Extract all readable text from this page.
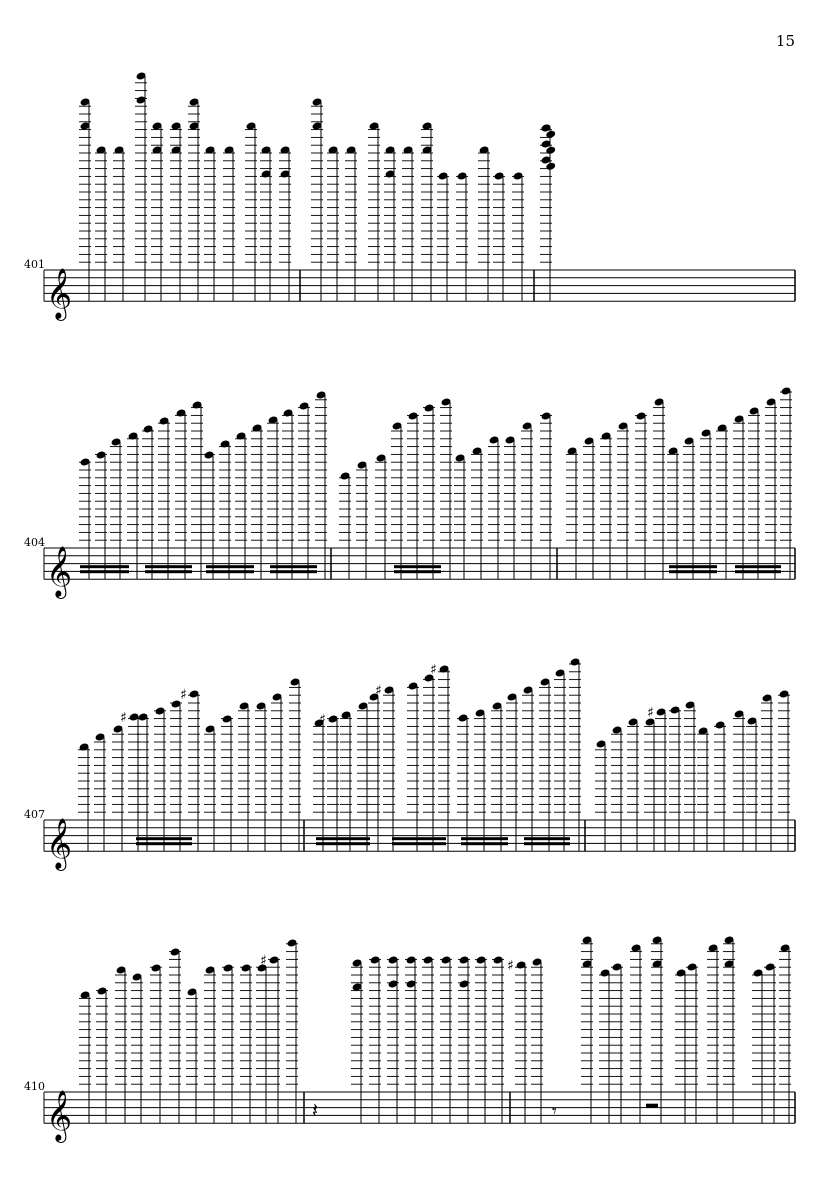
15
401
𝄞
404
𝄞
407
𝄞
♯
♯
♯
♯
♯
♯
410
𝄞
♯	♯
𝄽	𝄾
